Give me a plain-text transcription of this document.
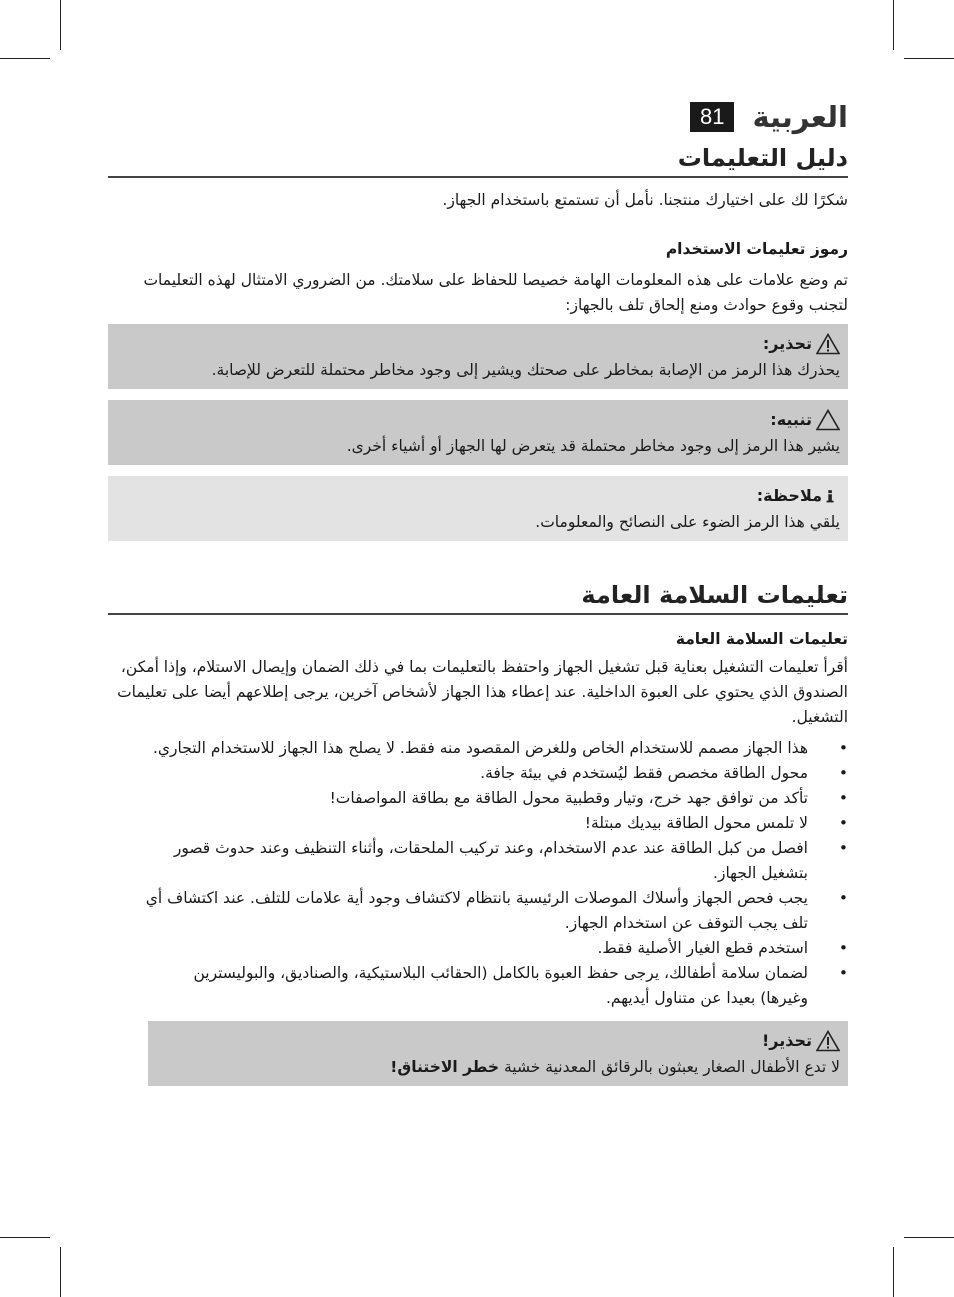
العربية
81
دليل التعليمات

شكرًا لك على اختيارك منتجنا. نأمل أن تستمتع باستخدام الجهاز.

رموز تعليمات الاستخدام

تم وضع علامات على هذه المعلومات الهامة خصيصا للحفاظ على سلامتك. من الضروري الامتثال لهذه التعليمات لتجنب وقوع حوادث ومنع إلحاق تلف بالجهاز:

تحذير:
يحذرك هذا الرمز من الإصابة بمخاطر على صحتك ويشير إلى وجود مخاطر محتملة للتعرض للإصابة.
تنبيه:
يشير هذا الرمز إلى وجود مخاطر محتملة قد يتعرض لها الجهاز أو أشياء أخرى.
ملاحظة:
يلقي هذا الرمز الضوء على النصائح والمعلومات.
تعليمات السلامة العامة

تعليمات السلامة العامة

أقرأ تعليمات التشغيل بعناية قبل تشغيل الجهاز واحتفظ بالتعليمات بما في ذلك الضمان وإيصال الاستلام، وإذا أمكن، الصندوق الذي يحتوي على العبوة الداخلية. عند إعطاء هذا الجهاز لأشخاص آخرين، يرجى إطلاعهم أيضا على تعليمات التشغيل.

• هذا الجهاز مصمم للاستخدام الخاص وللغرض المقصود منه فقط. لا يصلح هذا الجهاز للاستخدام التجاري.
• محول الطاقة مخصص فقط ليُستخدم في بيئة جافة.
• تأكد من توافق جهد خرج، وتيار وقطبية محول الطاقة مع بطاقة المواصفات!
• لا تلمس محول الطاقة بيديك مبتلة!
• افصل من كبل الطاقة عند عدم الاستخدام، وعند تركيب الملحقات، وأثناء التنظيف وعند حدوث قصور بتشغيل الجهاز.
• يجب فحص الجهاز وأسلاك الموصلات الرئيسية بانتظام لاكتشاف وجود أية علامات للتلف. عند اكتشاف أي تلف يجب التوقف عن استخدام الجهاز.
• استخدم قطع الغيار الأصلية فقط.
• لضمان سلامة أطفالك، يرجى حفظ العبوة بالكامل (الحقائب البلاستيكية، والصناديق، والبوليسترين وغيرها) بعيدا عن متناول أيديهم.
تحذير!
لا تدع الأطفال الصغار يعبثون بالرقائق المعدنية خشية خطر الاختناق!
